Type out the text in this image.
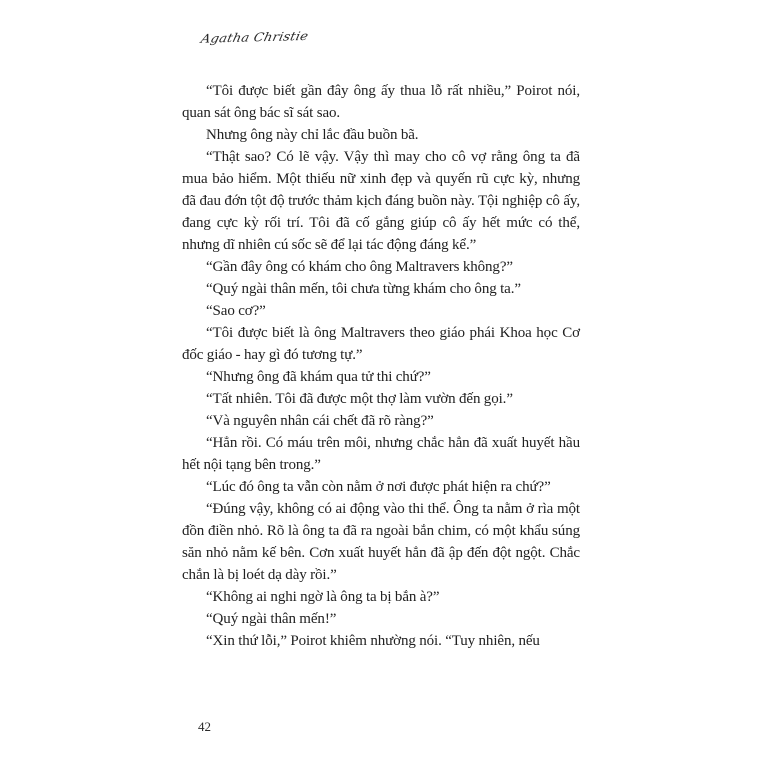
Agatha Christie

“Tôi được biết gần đây ông ấy thua lỗ rất nhiều,” Poirot nói, quan sát ông bác sĩ sát sao.

Nhưng ông này chỉ lắc đầu buồn bã.

“Thật sao? Có lẽ vậy. Vậy thì may cho cô vợ rằng ông ta đã mua bảo hiểm. Một thiếu nữ xinh đẹp và quyến rũ cực kỳ, nhưng đã đau đớn tột độ trước thảm kịch đáng buồn này. Tội nghiệp cô ấy, đang cực kỳ rối trí. Tôi đã cố gắng giúp cô ấy hết mức có thể, nhưng dĩ nhiên cú sốc sẽ để lại tác động đáng kể.”

“Gần đây ông có khám cho ông Maltravers không?”

“Quý ngài thân mến, tôi chưa từng khám cho ông ta.”

“Sao cơ?”

“Tôi được biết là ông Maltravers theo giáo phái Khoa học Cơ đốc giáo - hay gì đó tương tự.”

“Nhưng ông đã khám qua tử thi chứ?”

“Tất nhiên. Tôi đã được một thợ làm vườn đến gọi.”

“Và nguyên nhân cái chết đã rõ ràng?”

“Hẳn rồi. Có máu trên môi, nhưng chắc hẳn đã xuất huyết hầu hết nội tạng bên trong.”

“Lúc đó ông ta vẫn còn nằm ở nơi được phát hiện ra chứ?”

“Đúng vậy, không có ai động vào thi thể. Ông ta nằm ở rìa một đồn điền nhỏ. Rõ là ông ta đã ra ngoài bắn chim, có một khẩu súng săn nhỏ nằm kế bên. Cơn xuất huyết hẳn đã ập đến đột ngột. Chắc chắn là bị loét dạ dày rồi.”

“Không ai nghi ngờ là ông ta bị bắn à?”

“Quý ngài thân mến!”

“Xin thứ lỗi,” Poirot khiêm nhường nói. “Tuy nhiên, nếu

42
